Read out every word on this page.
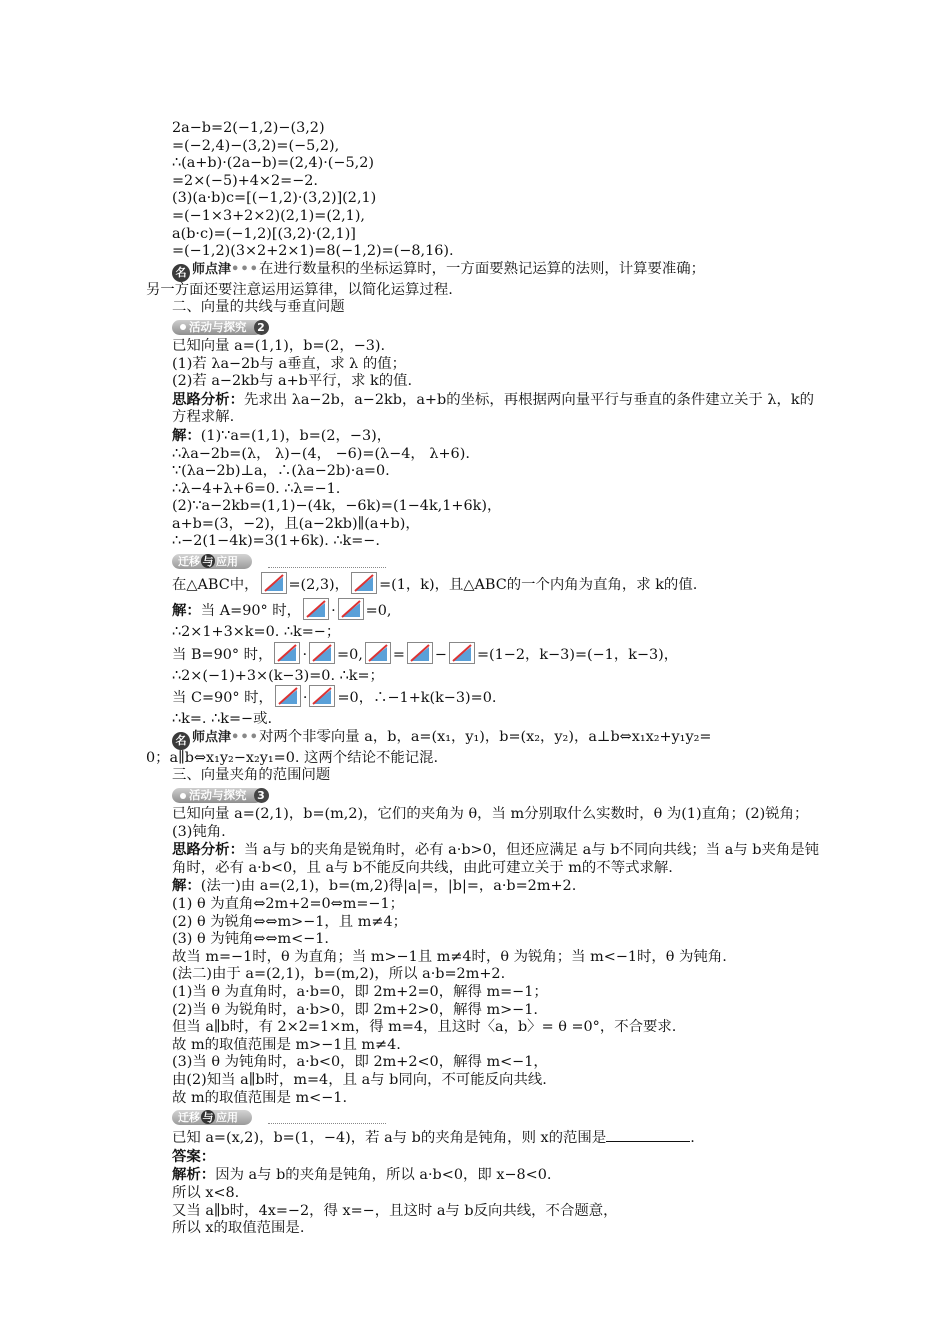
2a−b=2(−1,2)−(3,2)
=(−2,4)−(3,2)=(−5,2),
∴(a+b)·(2a−b)=(2,4)·(−5,2)
=2×(−5)+4×2=−2.
(3)(a·b)c=[(−1,2)·(3,2)](2,1)
=(−1×3+2×2)(2,1)=(2,1),
a(b·c)=(−1,2)[(3,2)·(2,1)]
=(−1,2)(3×2+2×1)=8(−1,2)=(−8,16).
名 师点津•••在进行数量积的坐标运算时，一方面要熟记运算的法则，计算要准确；
另一方面还要注意运用运算律，以简化运算过程.
二、向量的共线与垂直问题
活动与探究 2
已知向量 a=(1,1)，b=(2，−3).
(1)若 λa−2b与 a垂直，求 λ 的值；
(2)若 a−2kb与 a+b平行，求 k的值.
思路分析：先求出 λa−2b，a−2kb，a+b的坐标，再根据两向量平行与垂直的条件建立关于 λ，k的方程求解.
解：(1)∵a=(1,1)，b=(2，−3)，
∴λa−2b=(λ， λ)−(4， −6)=(λ−4， λ+6).
∵(λa−2b)⊥a，∴(λa−2b)·a=0.
∴λ−4+λ+6=0. ∴λ=−1.
(2)∵a−2kb=(1,1)−(4k，−6k)=(1−4k,1+6k)，
a+b=(3，−2)，且(a−2kb)∥(a+b)，
∴−2(1−4k)=3(1+6k). ∴k=−.
迁移 与 应用
在△ABC中， =(2,3)， =(1，k)，且△ABC的一个内角为直角，求 k的值.
解：当 A=90° 时， · =0,
∴2×1+3×k=0. ∴k=−；
当 B=90° 时， · =0, = − =(1−2，k−3)=(−1，k−3)，
∴2×(−1)+3×(k−3)=0. ∴k=；
当 C=90° 时， · =0，∴−1+k(k−3)=0.
∴k=. ∴k=−或.
名 师点津•••对两个非零向量 a，b，a=(x₁，y₁)，b=(x₂，y₂)，a⊥b⇔x₁x₂+y₁y₂=
0；a∥b⇔x₁y₂−x₂y₁=0. 这两个结论不能记混.
三、向量夹角的范围问题
活动与探究 3
已知向量 a=(2,1)，b=(m,2)，它们的夹角为 θ，当 m分别取什么实数时，θ 为(1)直角；(2)锐角；(3)钝角.
思路分析：当 a与 b的夹角是锐角时，必有 a·b>0，但还应满足 a与 b不同向共线；当 a与 b夹角是钝角时，必有 a·b<0，且 a与 b不能反向共线，由此可建立关于 m的不等式求解.
解：(法一)由 a=(2,1)，b=(m,2)得|a|=，|b|=，a·b=2m+2.
(1) θ 为直角⇔2m+2=0⇔m=−1；
(2) θ 为锐角⇔⇔m>−1，且 m≠4；
(3) θ 为钝角⇔⇔m<−1.
故当 m=−1时，θ 为直角；当 m>−1且 m≠4时，θ 为锐角；当 m<−1时，θ 为钝角.
(法二)由于 a=(2,1)，b=(m,2)，所以 a·b=2m+2.
(1)当 θ 为直角时，a·b=0，即 2m+2=0，解得 m=−1；
(2)当 θ 为锐角时，a·b>0，即 2m+2>0，解得 m>−1.
但当 a∥b时，有 2×2=1×m，得 m=4，且这时〈a，b〉= θ =0°，不合要求.
故 m的取值范围是 m>−1且 m≠4.
(3)当 θ 为钝角时，a·b<0，即 2m+2<0，解得 m<−1，
由(2)知当 a∥b时，m=4，且 a与 b同向，不可能反向共线.
故 m的取值范围是 m<−1.
迁移 与 应用
已知 a=(x,2)，b=(1，−4)，若 a与 b的夹角是钝角，则 x的范围是	.
答案：
解析：因为 a与 b的夹角是钝角，所以 a·b<0，即 x−8<0.
所以 x<8.
又当 a∥b时，4x=−2，得 x=−，且这时 a与 b反向共线，不合题意，
所以 x的取值范围是.
